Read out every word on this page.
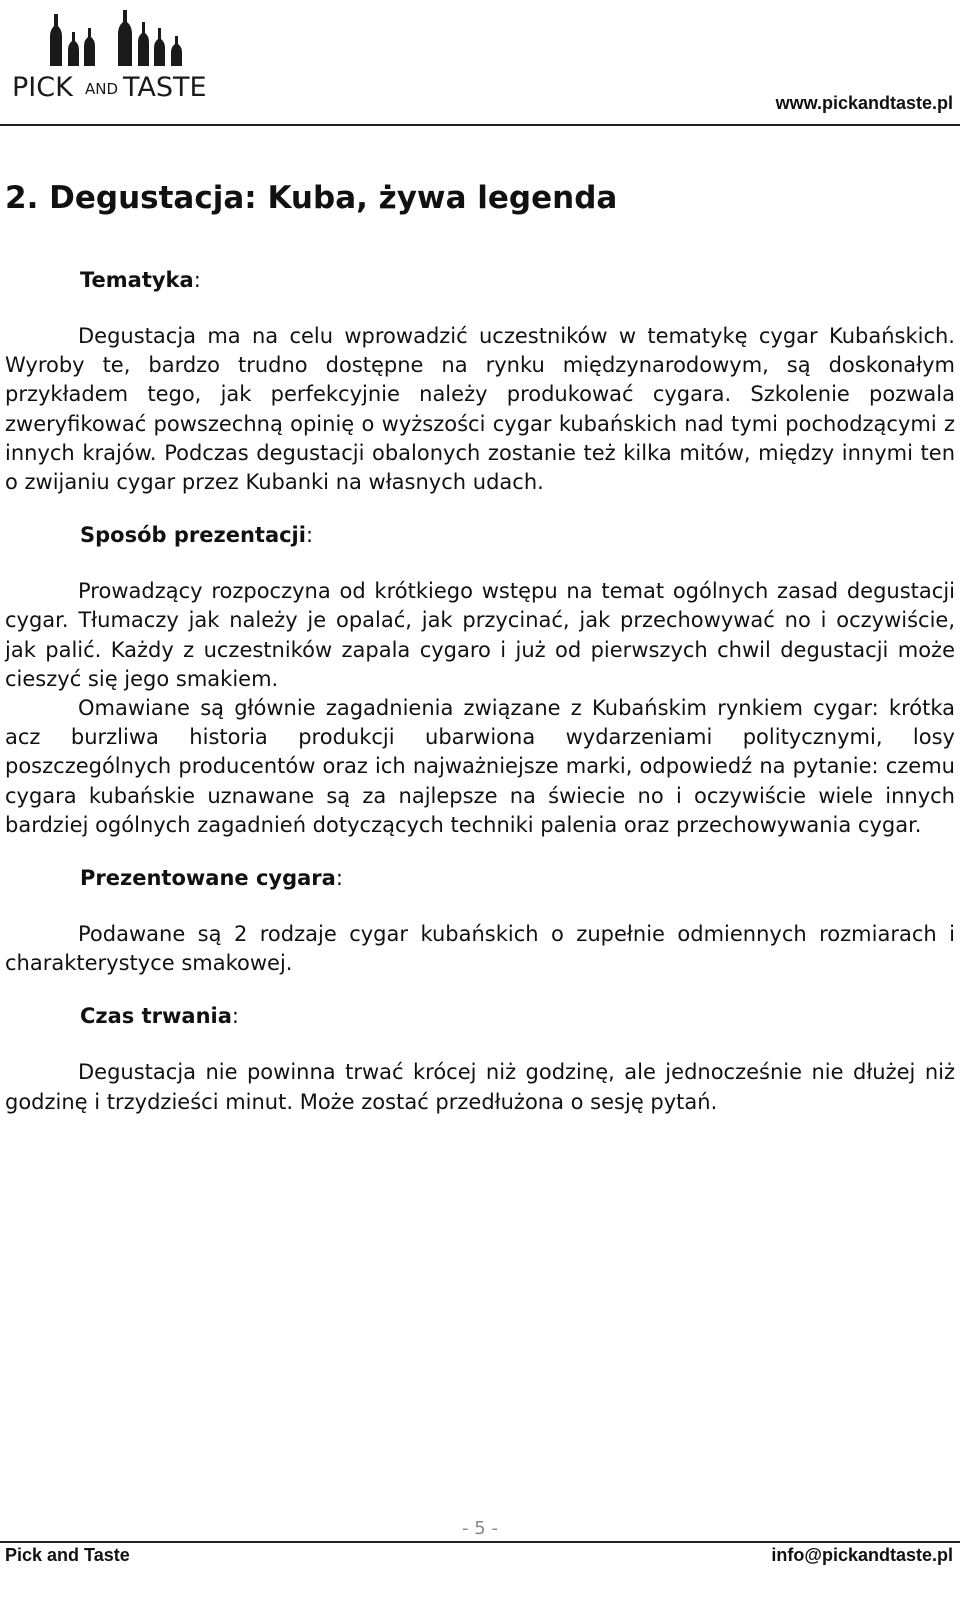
PICK AND TASTE	www.pickandtaste.pl
2. Degustacja: Kuba, żywa legenda
Tematyka:

Degustacja ma na celu wprowadzić uczestników w tematykę cygar Kubańskich. Wyroby te, bardzo trudno dostępne na rynku międzynarodowym, są doskonałym przykładem tego, jak perfekcyjnie należy produkować cygara. Szkolenie pozwala zweryfikować powszechną opinię o wyższości cygar kubańskich nad tymi pochodzącymi z innych krajów. Podczas degustacji obalonych zostanie też kilka mitów, między innymi ten o zwijaniu cygar przez Kubanki na własnych udach.

Sposób prezentacji:

Prowadzący rozpoczyna od krótkiego wstępu na temat ogólnych zasad degustacji cygar. Tłumaczy jak należy je opalać, jak przycinać, jak przechowywać no i oczywiście, jak palić. Każdy z uczestników zapala cygaro i już od pierwszych chwil degustacji może cieszyć się jego smakiem.

Omawiane są głównie zagadnienia związane z Kubańskim rynkiem cygar: krótka acz burzliwa historia produkcji ubarwiona wydarzeniami politycznymi, losy poszczególnych producentów oraz ich najważniejsze marki, odpowiedź na pytanie: czemu cygara kubańskie uznawane są za najlepsze na świecie no i oczywiście wiele innych bardziej ogólnych zagadnień dotyczących techniki palenia oraz przechowywania cygar.

Prezentowane cygara:

Podawane są 2 rodzaje cygar kubańskich o zupełnie odmiennych rozmiarach i charakterystyce smakowej.

Czas trwania:

Degustacja nie powinna trwać krócej niż godzinę, ale jednocześnie nie dłużej niż godzinę i trzydzieści minut. Może zostać przedłużona o sesję pytań.

- 5 -
Pick and Taste	info@pickandtaste.pl
